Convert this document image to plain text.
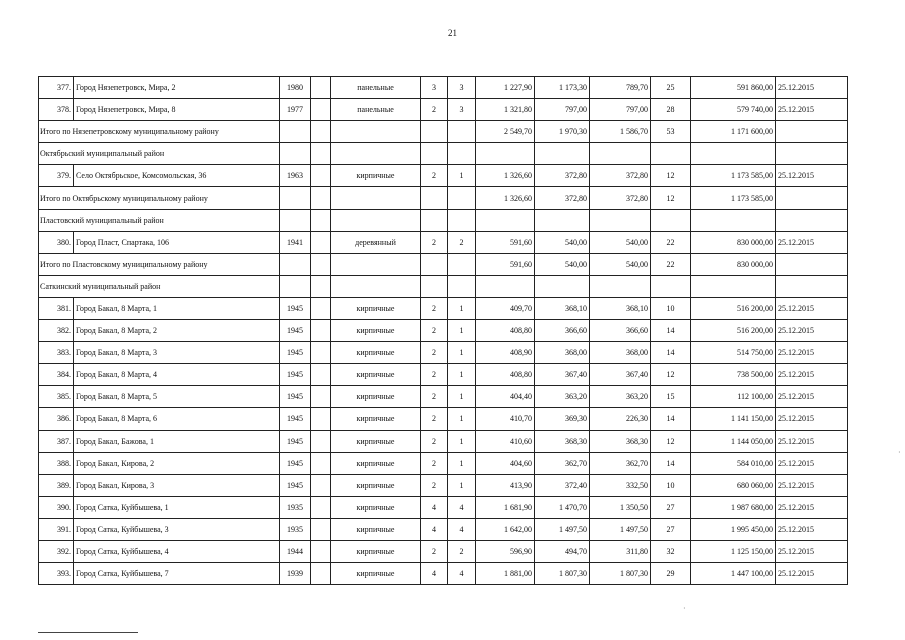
21
377.	Город Нязепетровск, Мира, 2	1980		панельные	3	3	1 227,90	1 173,30	789,70	25	591 860,00	25.12.2015
378.	Город Нязепетровск, Мира, 8	1977		панельные	2	3	1 321,80	797,00	797,00	28	579 740,00	25.12.2015
Итого по Нязепетровскому муниципальному району							2 549,70	1 970,30	1 586,70	53	1 171 600,00	
Октябрьский муниципальный район												
379.	Село Октябрьское, Комсомольская, 36	1963		кирпичные	2	1	1 326,60	372,80	372,80	12	1 173 585,00	25.12.2015
Итого по Октябрьскому муниципальному району							1 326,60	372,80	372,80	12	1 173 585,00	
Пластовский муниципальный район												
380.	Город Пласт, Спартака, 106	1941		деревянный	2	2	591,60	540,00	540,00	22	830 000,00	25.12.2015
Итого по Пластовскому муниципальному району							591,60	540,00	540,00	22	830 000,00	
Саткинский муниципальный район												
381.	Город Бакал, 8 Марта, 1	1945		кирпичные	2	1	409,70	368,10	368,10	10	516 200,00	25.12.2015
382.	Город Бакал, 8 Марта, 2	1945		кирпичные	2	1	408,80	366,60	366,60	14	516 200,00	25.12.2015
383.	Город Бакал, 8 Марта, 3	1945		кирпичные	2	1	408,90	368,00	368,00	14	514 750,00	25.12.2015
384.	Город Бакал, 8 Марта, 4	1945		кирпичные	2	1	408,80	367,40	367,40	12	738 500,00	25.12.2015
385.	Город Бакал, 8 Марта, 5	1945		кирпичные	2	1	404,40	363,20	363,20	15	112 100,00	25.12.2015
386.	Город Бакал, 8 Марта, 6	1945		кирпичные	2	1	410,70	369,30	226,30	14	1 141 150,00	25.12.2015
387.	Город Бакал, Бажова, 1	1945		кирпичные	2	1	410,60	368,30	368,30	12	1 144 050,00	25.12.2015
388.	Город Бакал, Кирова, 2	1945		кирпичные	2	1	404,60	362,70	362,70	14	584 010,00	25.12.2015
389.	Город Бакал, Кирова, 3	1945		кирпичные	2	1	413,90	372,40	332,50	10	680 060,00	25.12.2015
390.	Город Сатка, Куйбышева, 1	1935		кирпичные	4	4	1 681,90	1 470,70	1 350,50	27	1 987 680,00	25.12.2015
391.	Город Сатка, Куйбышева, 3	1935		кирпичные	4	4	1 642,00	1 497,50	1 497,50	27	1 995 450,00	25.12.2015
392.	Город Сатка, Куйбышева, 4	1944		кирпичные	2	2	596,90	494,70	311,80	32	1 125 150,00	25.12.2015
393.	Город Сатка, Куйбышева, 7	1939		кирпичные	4	4	1 881,00	1 807,30	1 807,30	29	1 447 100,00	25.12.2015
·
·
